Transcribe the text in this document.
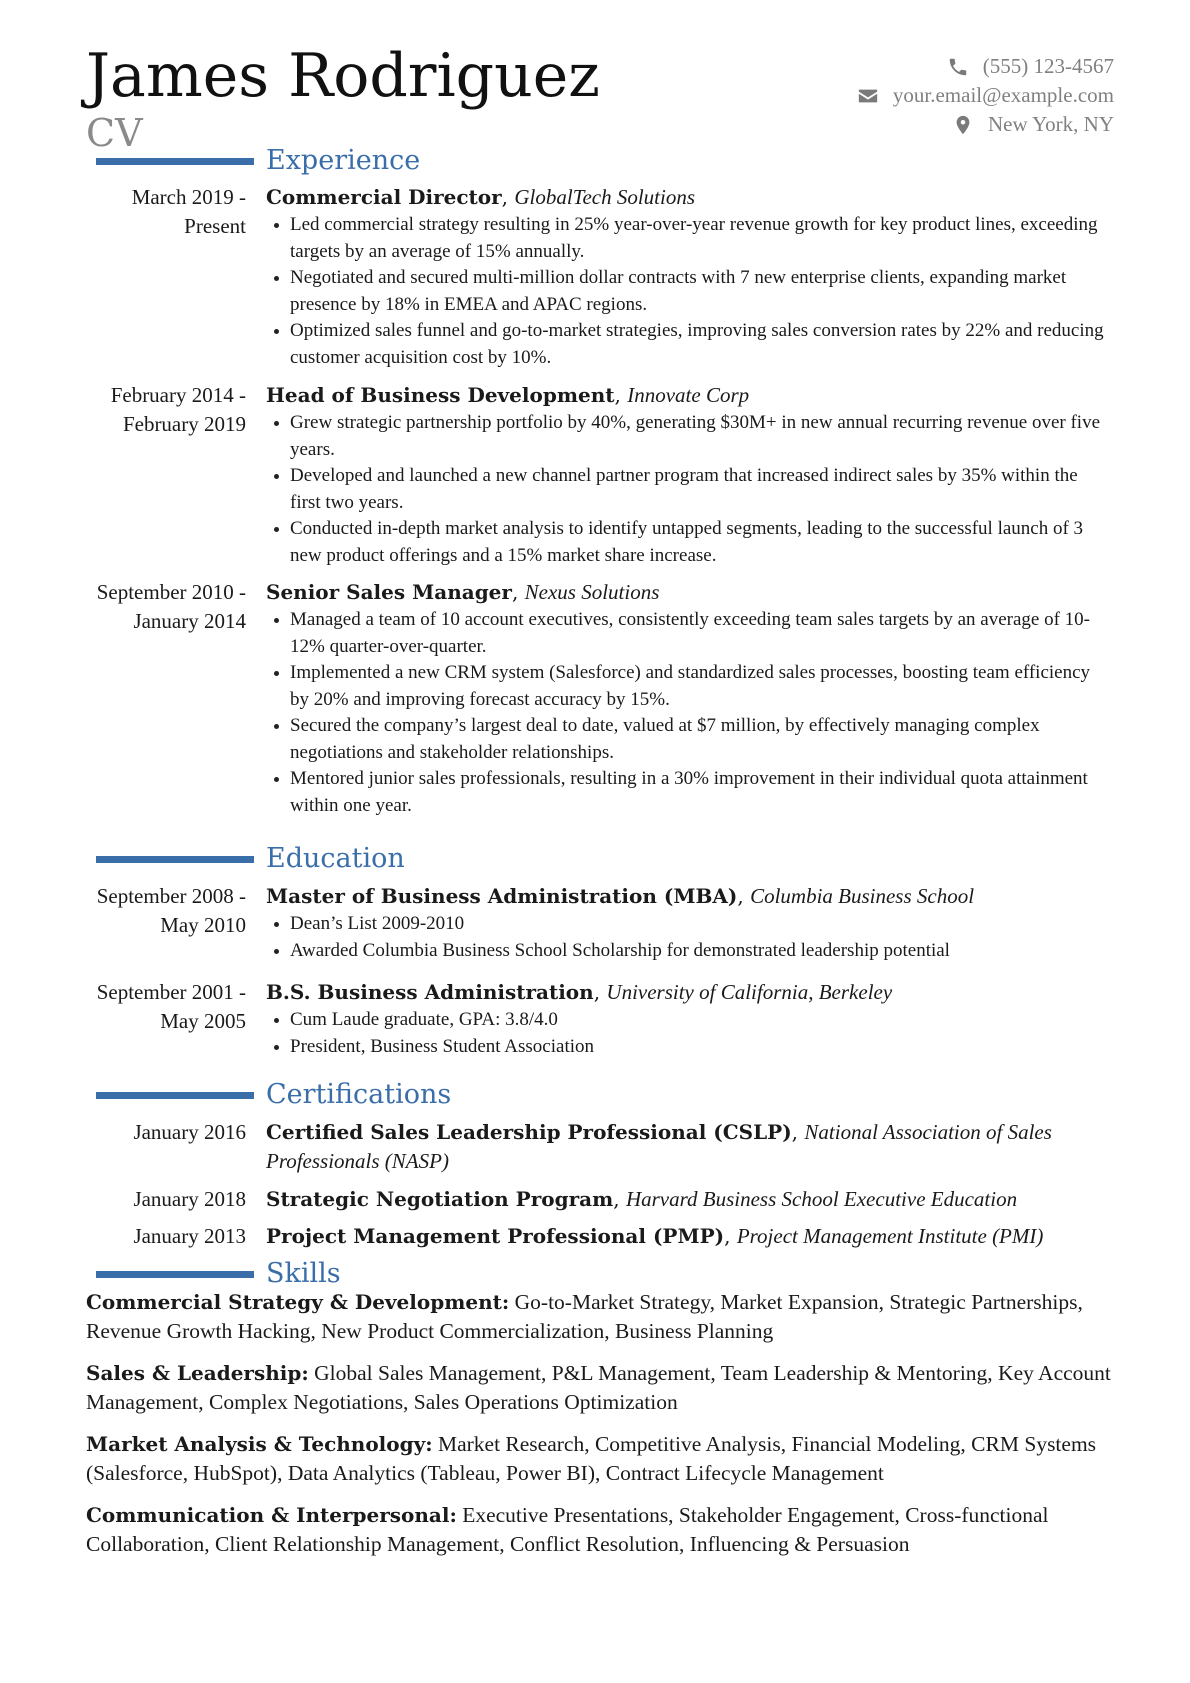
James Rodriguez
CV
(555) 123-4567
your.email@example.com
New York, NY
Experience
March 2019 - Present
Commercial Director, GlobalTech Solutions
Led commercial strategy resulting in 25% year-over-year revenue growth for key product lines, exceeding targets by an average of 15% annually.
Negotiated and secured multi-million dollar contracts with 7 new enterprise clients, expanding market presence by 18% in EMEA and APAC regions.
Optimized sales funnel and go-to-market strategies, improving sales conversion rates by 22% and reducing customer acquisition cost by 10%.
February 2014 - February 2019
Head of Business Development, Innovate Corp
Grew strategic partnership portfolio by 40%, generating $30M+ in new annual recurring revenue over five years.
Developed and launched a new channel partner program that increased indirect sales by 35% within the first two years.
Conducted in-depth market analysis to identify untapped segments, leading to the successful launch of 3 new product offerings and a 15% market share increase.
September 2010 - January 2014
Senior Sales Manager, Nexus Solutions
Managed a team of 10 account executives, consistently exceeding team sales targets by an average of 10-12% quarter-over-quarter.
Implemented a new CRM system (Salesforce) and standardized sales processes, boosting team efficiency by 20% and improving forecast accuracy by 15%.
Secured the company’s largest deal to date, valued at $7 million, by effectively managing complex negotiations and stakeholder relationships.
Mentored junior sales professionals, resulting in a 30% improvement in their individual quota attainment within one year.
Education
September 2008 - May 2010
Master of Business Administration (MBA), Columbia Business School
Dean’s List 2009-2010
Awarded Columbia Business School Scholarship for demonstrated leadership potential
September 2001 - May 2005
B.S. Business Administration, University of California, Berkeley
Cum Laude graduate, GPA: 3.8/4.0
President, Business Student Association
Certifications
January 2016 Certified Sales Leadership Professional (CSLP), National Association of Sales Professionals (NASP)
January 2018 Strategic Negotiation Program, Harvard Business School Executive Education
January 2013 Project Management Professional (PMP), Project Management Institute (PMI)
Skills

Commercial Strategy & Development: Go-to-Market Strategy, Market Expansion, Strategic Partnerships, Revenue Growth Hacking, New Product Commercialization, Business Planning

Sales & Leadership: Global Sales Management, P&L Management, Team Leadership & Mentoring, Key Account Management, Complex Negotiations, Sales Operations Optimization

Market Analysis & Technology: Market Research, Competitive Analysis, Financial Modeling, CRM Systems (Salesforce, HubSpot), Data Analytics (Tableau, Power BI), Contract Lifecycle Management

Communication & Interpersonal: Executive Presentations, Stakeholder Engagement, Cross-functional Collaboration, Client Relationship Management, Conflict Resolution, Influencing & Persuasion
